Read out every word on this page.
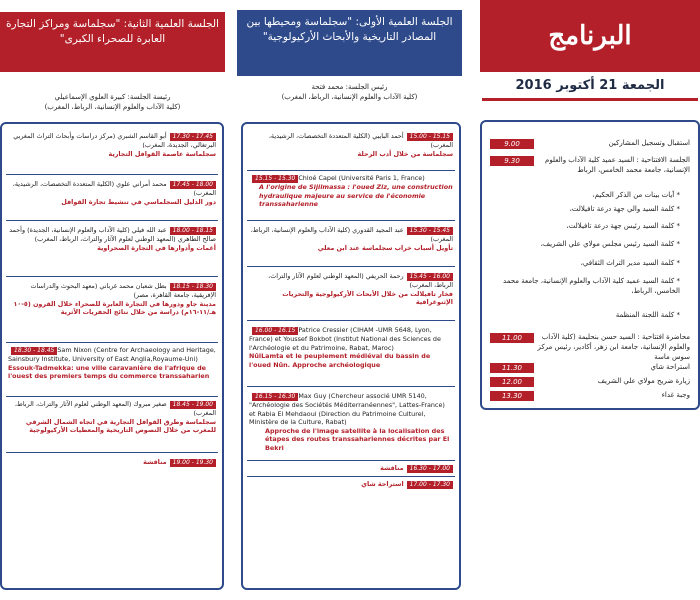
البرنامج
الجمعة 21 أكتوبر 2016
9.00	استقبال وتسجيل المشاركين
9.30	الجلسة الافتتاحية : السيد عميد كلية الآداب والعلوم الإنسانية، جامعة محمد الخامس، الرباط
* آيات بينات من الذكر الحكيم،
* كلمة السيد والي جهة درعة تافيلالت،
* كلمة السيد رئيس جهة درعة تافيلالت،
* كلمة السيد رئيس مجلس مولاي علي الشريف،
* كلمة السيد مدير التراث الثقافي،
* كلمة السيد عميد كلية الآداب والعلوم الإنسانية، جامعة محمد الخامس، الرباط،
* كلمة اللجنة المنظمة
11.00	محاضرة افتتاحية : السيد حسن بنحليمة (كلية الآداب والعلوم الإنسانية، جامعة ابن زهر، أكادير، رئيس مركز سوس ماسة
11.30	استراحة شاي
12.00	زيارة ضريح مولاي علي الشريف
13.30	وجبة غداء
الجلسة العلمية الأولى: "سجلماسة ومحيطها بين المصادر التاريخية والأبحاث الأركيولوجية"
رئيس الجلسة: محمد فتحة
(كلية الآداب والعلوم الإنسانية، الرباط، المغرب)
15.15 - 15.00أحمد البايبي (الكلية المتعددة التخصصات، الرشيدية، المغرب)
سجلماسة من خلال أدب الرحلة
15.15 - 15.30 Chloé Capel (Université Paris 1, France)
A l'origine de Sijilmassa : l'oued Ziz, une construction hydraulique majeure au service de l'économie transsaharienne
15.45 - 15.30عبد المجيد القدوري (كلية الآداب والعلوم الإنسانية، الرباط، المغرب)
تأويل أسباب خراب سجلماسة عند ابن معلي
16.00 - 15.45رحمة الحريفي (المعهد الوطني لعلوم الآثار والتراث، الرباط، المغرب)
فخار تافيلالت من خلال الأبحاث الأركيولوجية والتحريات الإثنوغرافية
16.00 - 16.15 Patrice Cressier (CIHAM -UMR 5648, Lyon, France) et Youssef Bokbot (Institut National des Sciences de l'Archéologie et du Patrimoine, Rabat, Maroc)
NûlLamta et le peuplement médiéval du bassin de l'oued Nûn. Approche archéologique
16.15 - 16.30 Max Guy (Chercheur associé UMR 5140, "Archéologie des Sociétés Méditerranéennes", Lattes-France) et Rabia El Mehdaoui (Direction du Patrimoine Culturel, Ministère de la Culture, Rabat)
Approche de l'image satellite à la localisation des étapes des routes transsahariennes décrites par El Bekri
17.00 - 16.30مناقشة
17.30 - 17.00استراحة شاي
الجلسة العلمية الثانية: "سجلماسة ومراكز التجارة العابرة للصحراء الكبرى"
رئيسة الجلسة: كبيرة العلوي الإسماعيلي
(كلية الآداب والعلوم الإنسانية، الرباط، المغرب)
17.45 - 17.30أبو القاسم الشبري (مركز دراسات وأبحاث التراث المغربي البرتغالي، الجديدة، المغرب)
سجلماسة عاصمة القوافل التجارية
18.00 - 17.45محمد أمراني علوي (الكلية المتعددة التخصصات، الرشيدية، المغرب)
دور الدليل السجلماسي في تنشيط تجارة القوافل
18.15 - 18.00عبد الله فيلي (كلية الآداب والعلوم الإنسانية، الجديدة) وأحمد صالح الطاهري (المعهد الوطني لعلوم الآثار والتراث، الرباط، المغرب)
أغمات وأدوارها في التجارة الصحراوية
18.30 - 18.15بطل شعبان محمد غرباني (معهد البحوث والدراسات الإفريقية، جامعة القاهرة، مصر)
مدينة جاو ودورها في التجارة العابرة للصحراء خلال القرون (٥-١٠ هـ/١١-١٦م) دراسة من خلال نتائج الحفريات الأثرية
18.30 - 18.45 Sam Nixon (Centre for Archaeology and Heritage, Sainsbury Institute, University of East Anglia,Royaume-Uni)
Essouk-Tadmekka: une ville caravanière de l'afrique de l'ouest des premiers temps du commerce transsaharien
19.00 - 18.45صغير مبروك (المعهد الوطني لعلوم الآثار والتراث، الرباط، المغرب)
سجلماسة وطرق القوافل التجارية في اتجاه الشمال الشرقي للمغرب من خلال النصوص التاريخية والمعطيات الأركيولوجية
19.30 - 19.00مناقشة
